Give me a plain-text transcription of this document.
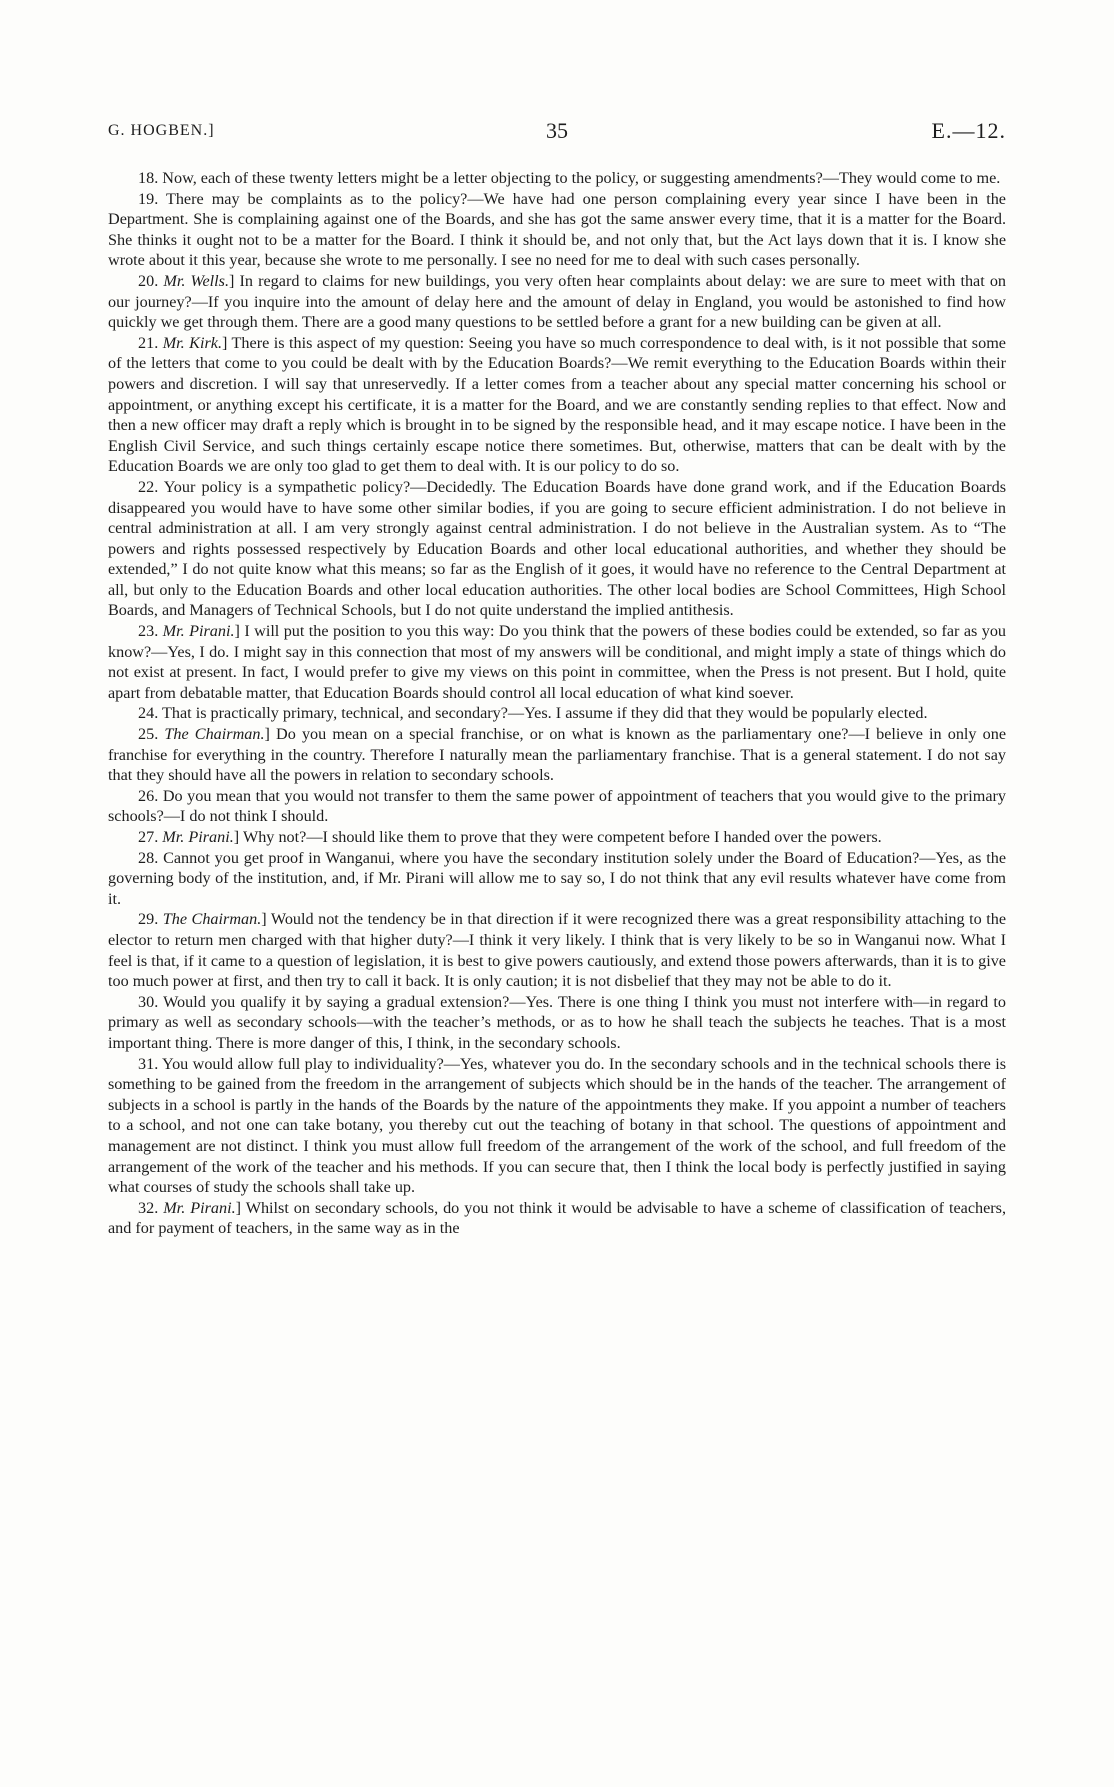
G. HOGBEN.]	35	E.—12.

18. Now, each of these twenty letters might be a letter objecting to the policy, or suggesting amendments?—They would come to me.

19. There may be complaints as to the policy?—We have had one person complaining every year since I have been in the Department. She is complaining against one of the Boards, and she has got the same answer every time, that it is a matter for the Board. She thinks it ought not to be a matter for the Board. I think it should be, and not only that, but the Act lays down that it is. I know she wrote about it this year, because she wrote to me personally. I see no need for me to deal with such cases personally.

20. Mr. Wells.] In regard to claims for new buildings, you very often hear complaints about delay: we are sure to meet with that on our journey?—If you inquire into the amount of delay here and the amount of delay in England, you would be astonished to find how quickly we get through them. There are a good many questions to be settled before a grant for a new building can be given at all.

21. Mr. Kirk.] There is this aspect of my question: Seeing you have so much correspondence to deal with, is it not possible that some of the letters that come to you could be dealt with by the Education Boards?—We remit everything to the Education Boards within their powers and discretion. I will say that unreservedly. If a letter comes from a teacher about any special matter concerning his school or appointment, or anything except his certificate, it is a matter for the Board, and we are constantly sending replies to that effect. Now and then a new officer may draft a reply which is brought in to be signed by the responsible head, and it may escape notice. I have been in the English Civil Service, and such things certainly escape notice there sometimes. But, otherwise, matters that can be dealt with by the Education Boards we are only too glad to get them to deal with. It is our policy to do so.

22. Your policy is a sympathetic policy?—Decidedly. The Education Boards have done grand work, and if the Education Boards disappeared you would have to have some other similar bodies, if you are going to secure efficient administration. I do not believe in central administration at all. I am very strongly against central administration. I do not believe in the Australian system. As to “The powers and rights possessed respectively by Education Boards and other local educational authorities, and whether they should be extended,” I do not quite know what this means; so far as the English of it goes, it would have no reference to the Central Department at all, but only to the Education Boards and other local education authorities. The other local bodies are School Committees, High School Boards, and Managers of Technical Schools, but I do not quite understand the implied antithesis.

23. Mr. Pirani.] I will put the position to you this way: Do you think that the powers of these bodies could be extended, so far as you know?—Yes, I do. I might say in this connection that most of my answers will be conditional, and might imply a state of things which do not exist at present. In fact, I would prefer to give my views on this point in committee, when the Press is not present. But I hold, quite apart from debatable matter, that Education Boards should control all local education of what kind soever.

24. That is practically primary, technical, and secondary?—Yes. I assume if they did that they would be popularly elected.

25. The Chairman.] Do you mean on a special franchise, or on what is known as the parliamentary one?—I believe in only one franchise for everything in the country. Therefore I naturally mean the parliamentary franchise. That is a general statement. I do not say that they should have all the powers in relation to secondary schools.

26. Do you mean that you would not transfer to them the same power of appointment of teachers that you would give to the primary schools?—I do not think I should.

27. Mr. Pirani.] Why not?—I should like them to prove that they were competent before I handed over the powers.

28. Cannot you get proof in Wanganui, where you have the secondary institution solely under the Board of Education?—Yes, as the governing body of the institution, and, if Mr. Pirani will allow me to say so, I do not think that any evil results whatever have come from it.

29. The Chairman.] Would not the tendency be in that direction if it were recognized there was a great responsibility attaching to the elector to return men charged with that higher duty?—I think it very likely. I think that is very likely to be so in Wanganui now. What I feel is that, if it came to a question of legislation, it is best to give powers cautiously, and extend those powers afterwards, than it is to give too much power at first, and then try to call it back. It is only caution; it is not disbelief that they may not be able to do it.

30. Would you qualify it by saying a gradual extension?—Yes. There is one thing I think you must not interfere with—in regard to primary as well as secondary schools—with the teacher’s methods, or as to how he shall teach the subjects he teaches. That is a most important thing. There is more danger of this, I think, in the secondary schools.

31. You would allow full play to individuality?—Yes, whatever you do. In the secondary schools and in the technical schools there is something to be gained from the freedom in the arrangement of subjects which should be in the hands of the teacher. The arrangement of subjects in a school is partly in the hands of the Boards by the nature of the appointments they make. If you appoint a number of teachers to a school, and not one can take botany, you thereby cut out the teaching of botany in that school. The questions of appointment and management are not distinct. I think you must allow full freedom of the arrangement of the work of the school, and full freedom of the arrangement of the work of the teacher and his methods. If you can secure that, then I think the local body is perfectly justified in saying what courses of study the schools shall take up.

32. Mr. Pirani.] Whilst on secondary schools, do you not think it would be advisable to have a scheme of classification of teachers, and for payment of teachers, in the same way as in the
